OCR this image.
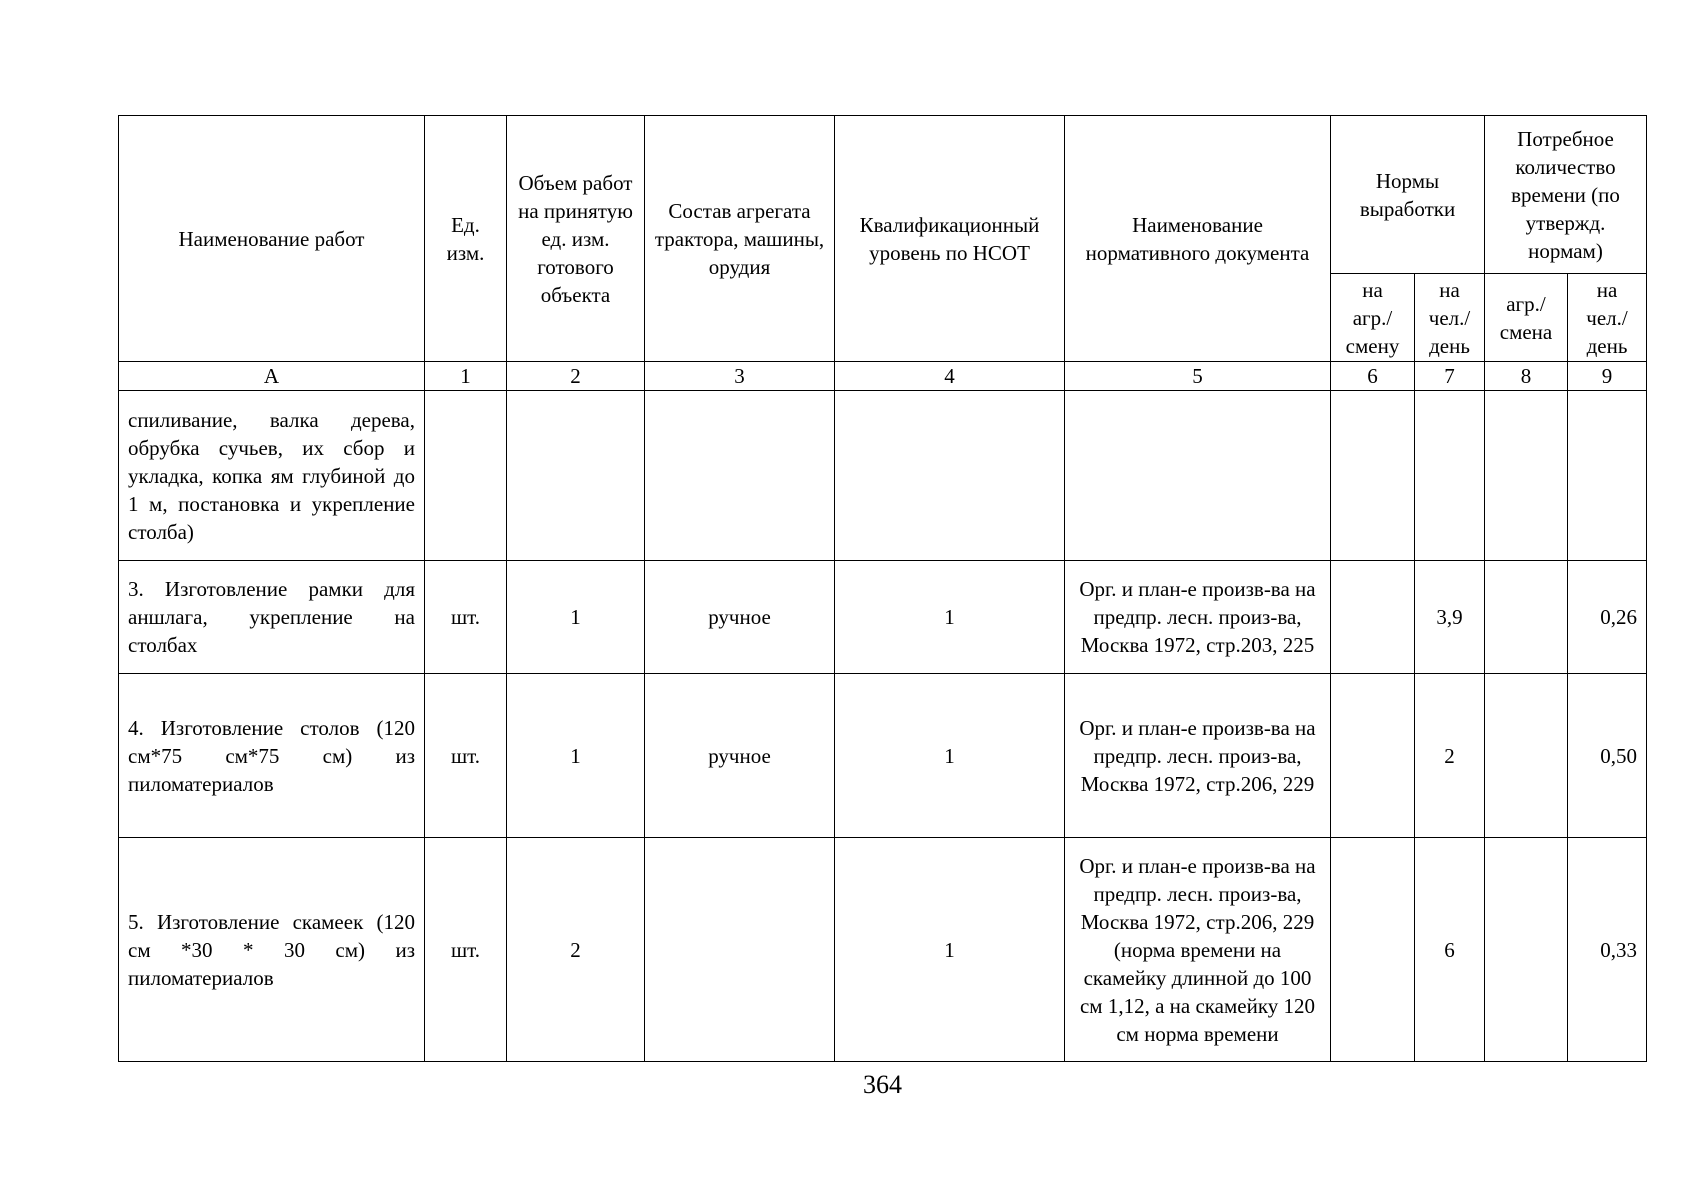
Наименование работ	Ед. изм.	Объем работ на принятую ед. изм. готового объекта	Состав агрегата трактора, машины, орудия	Квалификационный уровень по НСОТ	Наименование нормативного документа	Нормы выработки		Потребное количество времени (по утвержд. нормам)	
						на агр./ смену	на чел./ день	агр./ смена	на чел./ день
А	1	2	3	4	5	6	7	8	9
спиливание, валка дерева, обрубка сучьев, их сбор и укладка, копка ям глубиной до 1 м, постановка и укрепление столба)									
3. Изготовление рамки для аншлага, укрепление на столбах	шт.	1	ручное	1	Орг. и план-е произв-ва на предпр. лесн. произ-ва, Москва 1972, стр.203, 225		3,9		0,26
4. Изготовление столов (120 см*75 см*75 см) из пиломатериалов	шт.	1	ручное	1	Орг. и план-е произв-ва на предпр. лесн. произ-ва, Москва 1972, стр.206, 229		2		0,50
5. Изготовление скамеек (120 см *30 * 30 см) из пиломатериалов	шт.	2		1	Орг. и план-е произв-ва на предпр. лесн. произ-ва, Москва 1972, стр.206, 229 (норма времени на скамейку длинной до 100 см 1,12, а на скамейку 120 см норма времени		6		0,33
364
